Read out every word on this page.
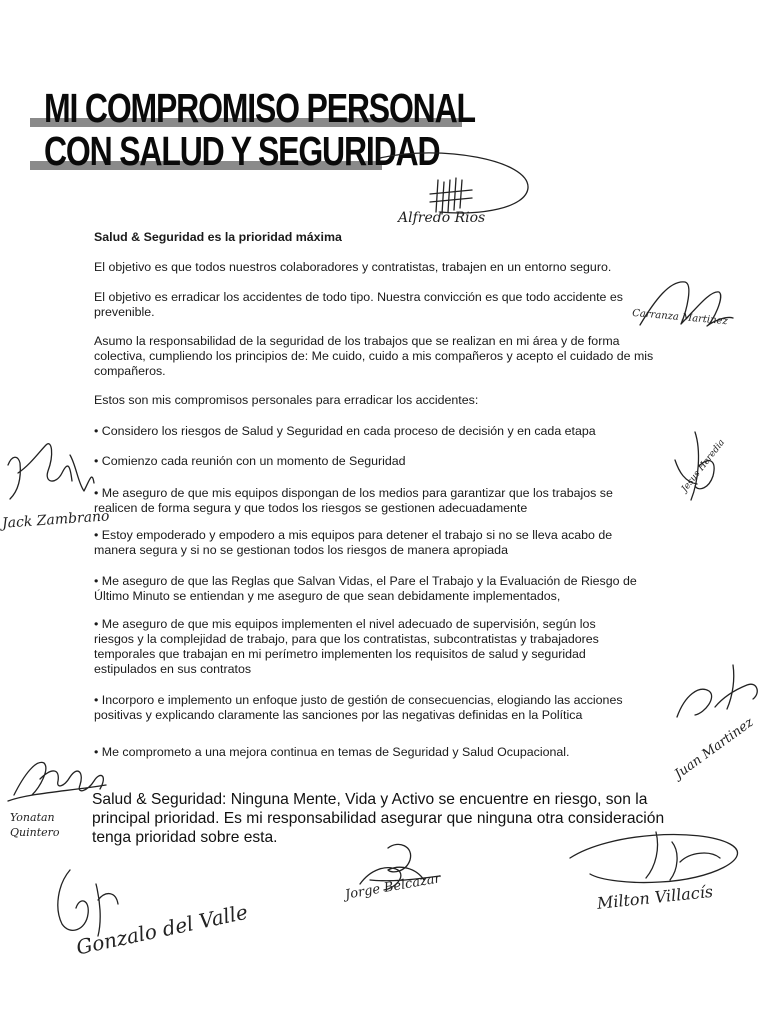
MI COMPROMISO PERSONAL
CON SALUD Y SEGURIDAD
Salud & Seguridad es la prioridad máxima
El objetivo es que todos nuestros colaboradores y contratistas, trabajen en un entorno seguro.
El objetivo es erradicar los accidentes de todo tipo. Nuestra convicción es que todo accidente es prevenible.
Asumo la responsabilidad de la seguridad de los trabajos que se realizan en mi área y de forma colectiva, cumpliendo los principios de: Me cuido, cuido a mis compañeros y acepto el cuidado de mis compañeros.
Estos son mis compromisos personales para erradicar los accidentes:
• Considero los riesgos de Salud y Seguridad en cada proceso de decisión y en cada etapa
• Comienzo cada reunión con un momento de Seguridad
• Me aseguro de que mis equipos dispongan de los medios para garantizar que los trabajos se realicen de forma segura y que todos los riesgos se gestionen adecuadamente
• Estoy empoderado y empodero a mis equipos para detener el trabajo si no se lleva acabo de manera segura y si no se gestionan todos los riesgos de manera apropiada
• Me aseguro de que las Reglas que Salvan Vidas, el Pare el Trabajo y la Evaluación de Riesgo de Último Minuto se entiendan y me aseguro de que sean debidamente implementados,
• Me aseguro de que mis equipos implementen el nivel adecuado de supervisión, según los riesgos y la complejidad de trabajo, para que los contratistas, subcontratistas y trabajadores temporales que trabajan en mi perímetro implementen los requisitos de salud y seguridad estipulados en sus contratos
• Incorporo e implemento un enfoque justo de gestión de consecuencias, elogiando las acciones positivas y explicando claramente las sanciones por las negativas definidas en la Política
• Me comprometo a una mejora continua en temas de Seguridad y Salud Ocupacional.
Salud & Seguridad: Ninguna Mente, Vida y Activo se encuentre en riesgo, son la principal prioridad. Es mi responsabilidad asegurar que ninguna otra consideración tenga prioridad sobre esta.
Alfredo Rios
Carranza Martinez
Jack Zambrano
Jesus Heredia
Juan Martinez
Yonatan Quintero
Gonzalo del Valle
Jorge Belcazar	Milton Villacís
